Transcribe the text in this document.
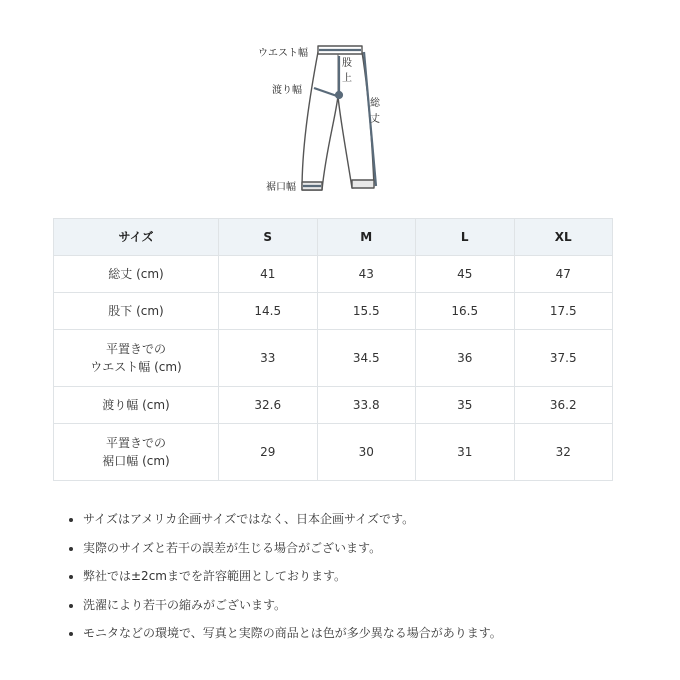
ウエスト幅
股
上
渡り幅
総
丈
裾口幅
サイズ	S	M	L	XL
総丈 (cm)	41	43	45	47
股下 (cm)	14.5	15.5	16.5	17.5

平置きでの
ウエスト幅 (cm)	33	34.5	36	37.5
渡り幅 (cm)	32.6	33.8	35	36.2

平置きでの
裾口幅 (cm)	29	30	31	32
• サイズはアメリカ企画サイズではなく、日本企画サイズです。
• 実際のサイズと若干の誤差が生じる場合がございます。
• 弊社では±2cmまでを許容範囲としております。
• 洗濯により若干の縮みがございます。
• モニタなどの環境で、写真と実際の商品とは色が多少異なる場合があります。
